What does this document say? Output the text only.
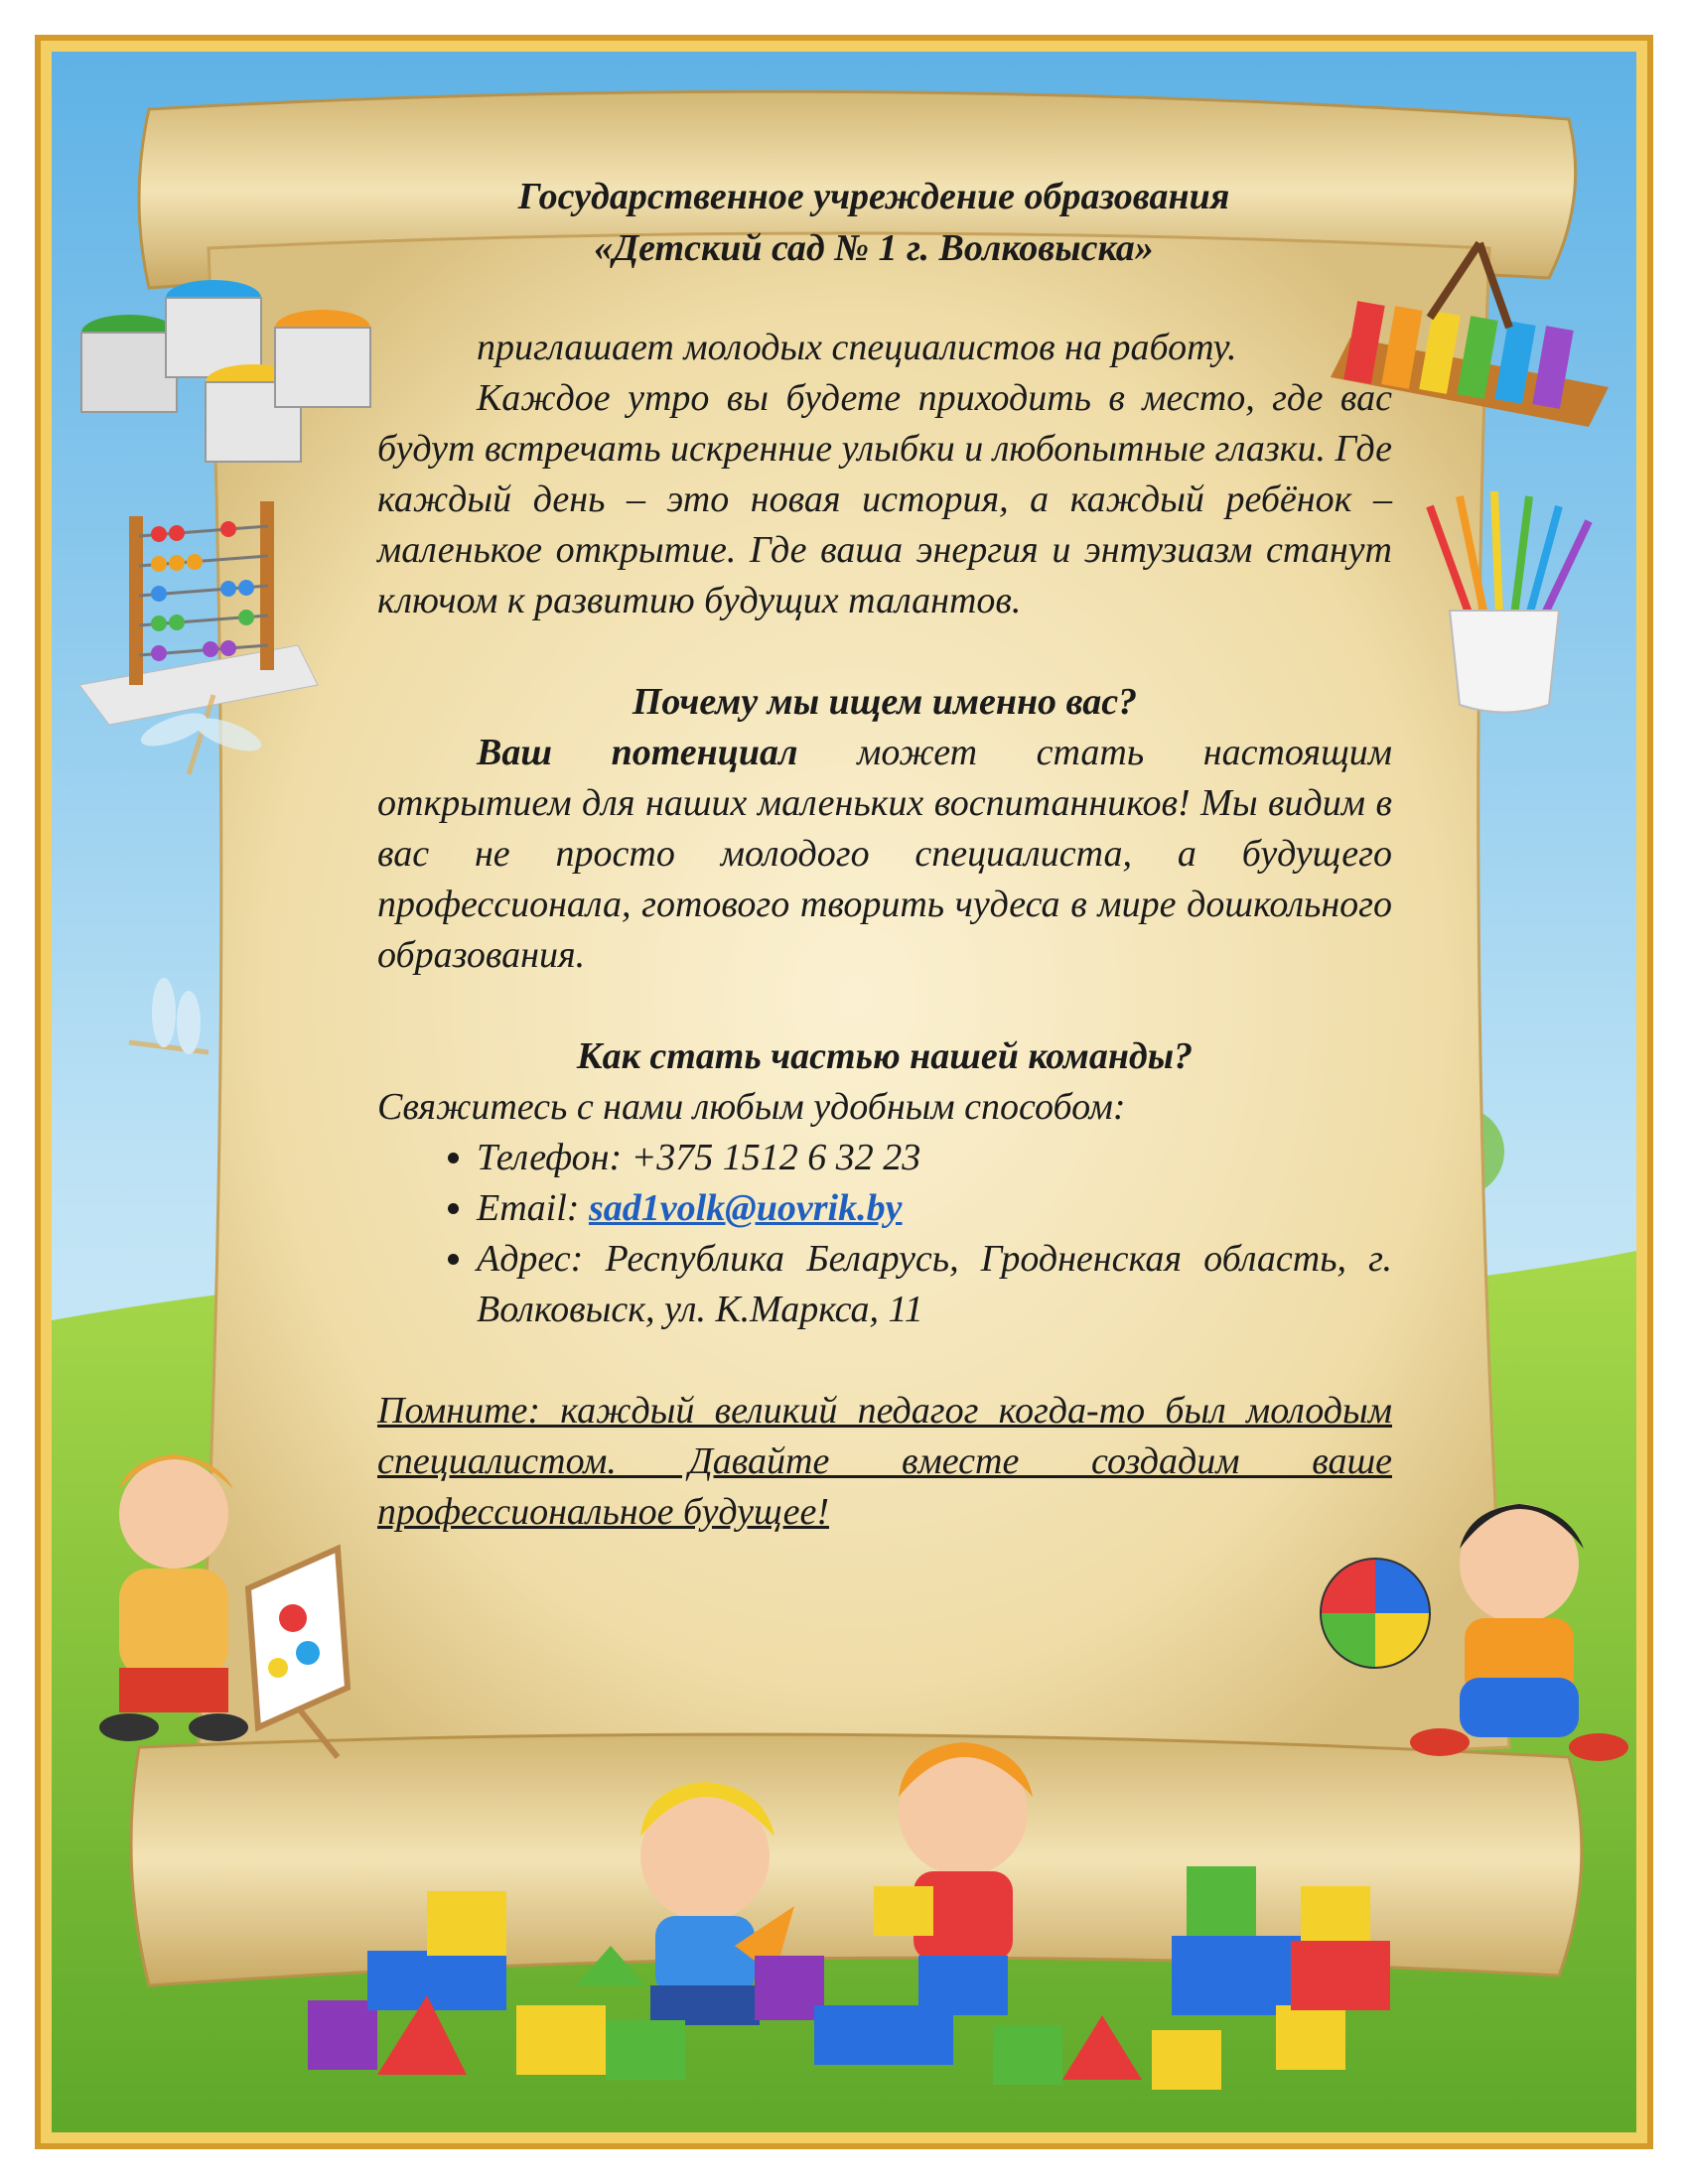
Государственное учреждение образования
«Детский сад № 1 г. Волковыска»

приглашает молодых специалистов на работу.

Каждое утро вы будете приходить в место, где вас будут встречать искренние улыбки и любопытные глазки. Где каждый день – это новая история, а каждый ребёнок – маленькое открытие. Где ваша энергия и энтузиазм станут ключом к развитию будущих талантов.

Почему мы ищем именно вас?

Ваш потенциал может стать настоящим открытием для наших маленьких воспитанников! Мы видим в вас не просто молодого специалиста, а будущего профессионала, готового творить чудеса в мире дошкольного образования.

Как стать частью нашей команды?

Свяжитесь с нами любым удобным способом:

• Телефон: +375 1512 6 32 23
• Email: sad1volk@uovrik.by
• Адрес: Республика Беларусь, Гродненская область, г. Волковыск, ул. К.Маркса, 11

Помните: каждый великий педагог когда-то был молодым специалистом. Давайте вместе создадим ваше профессиональное будущее!
